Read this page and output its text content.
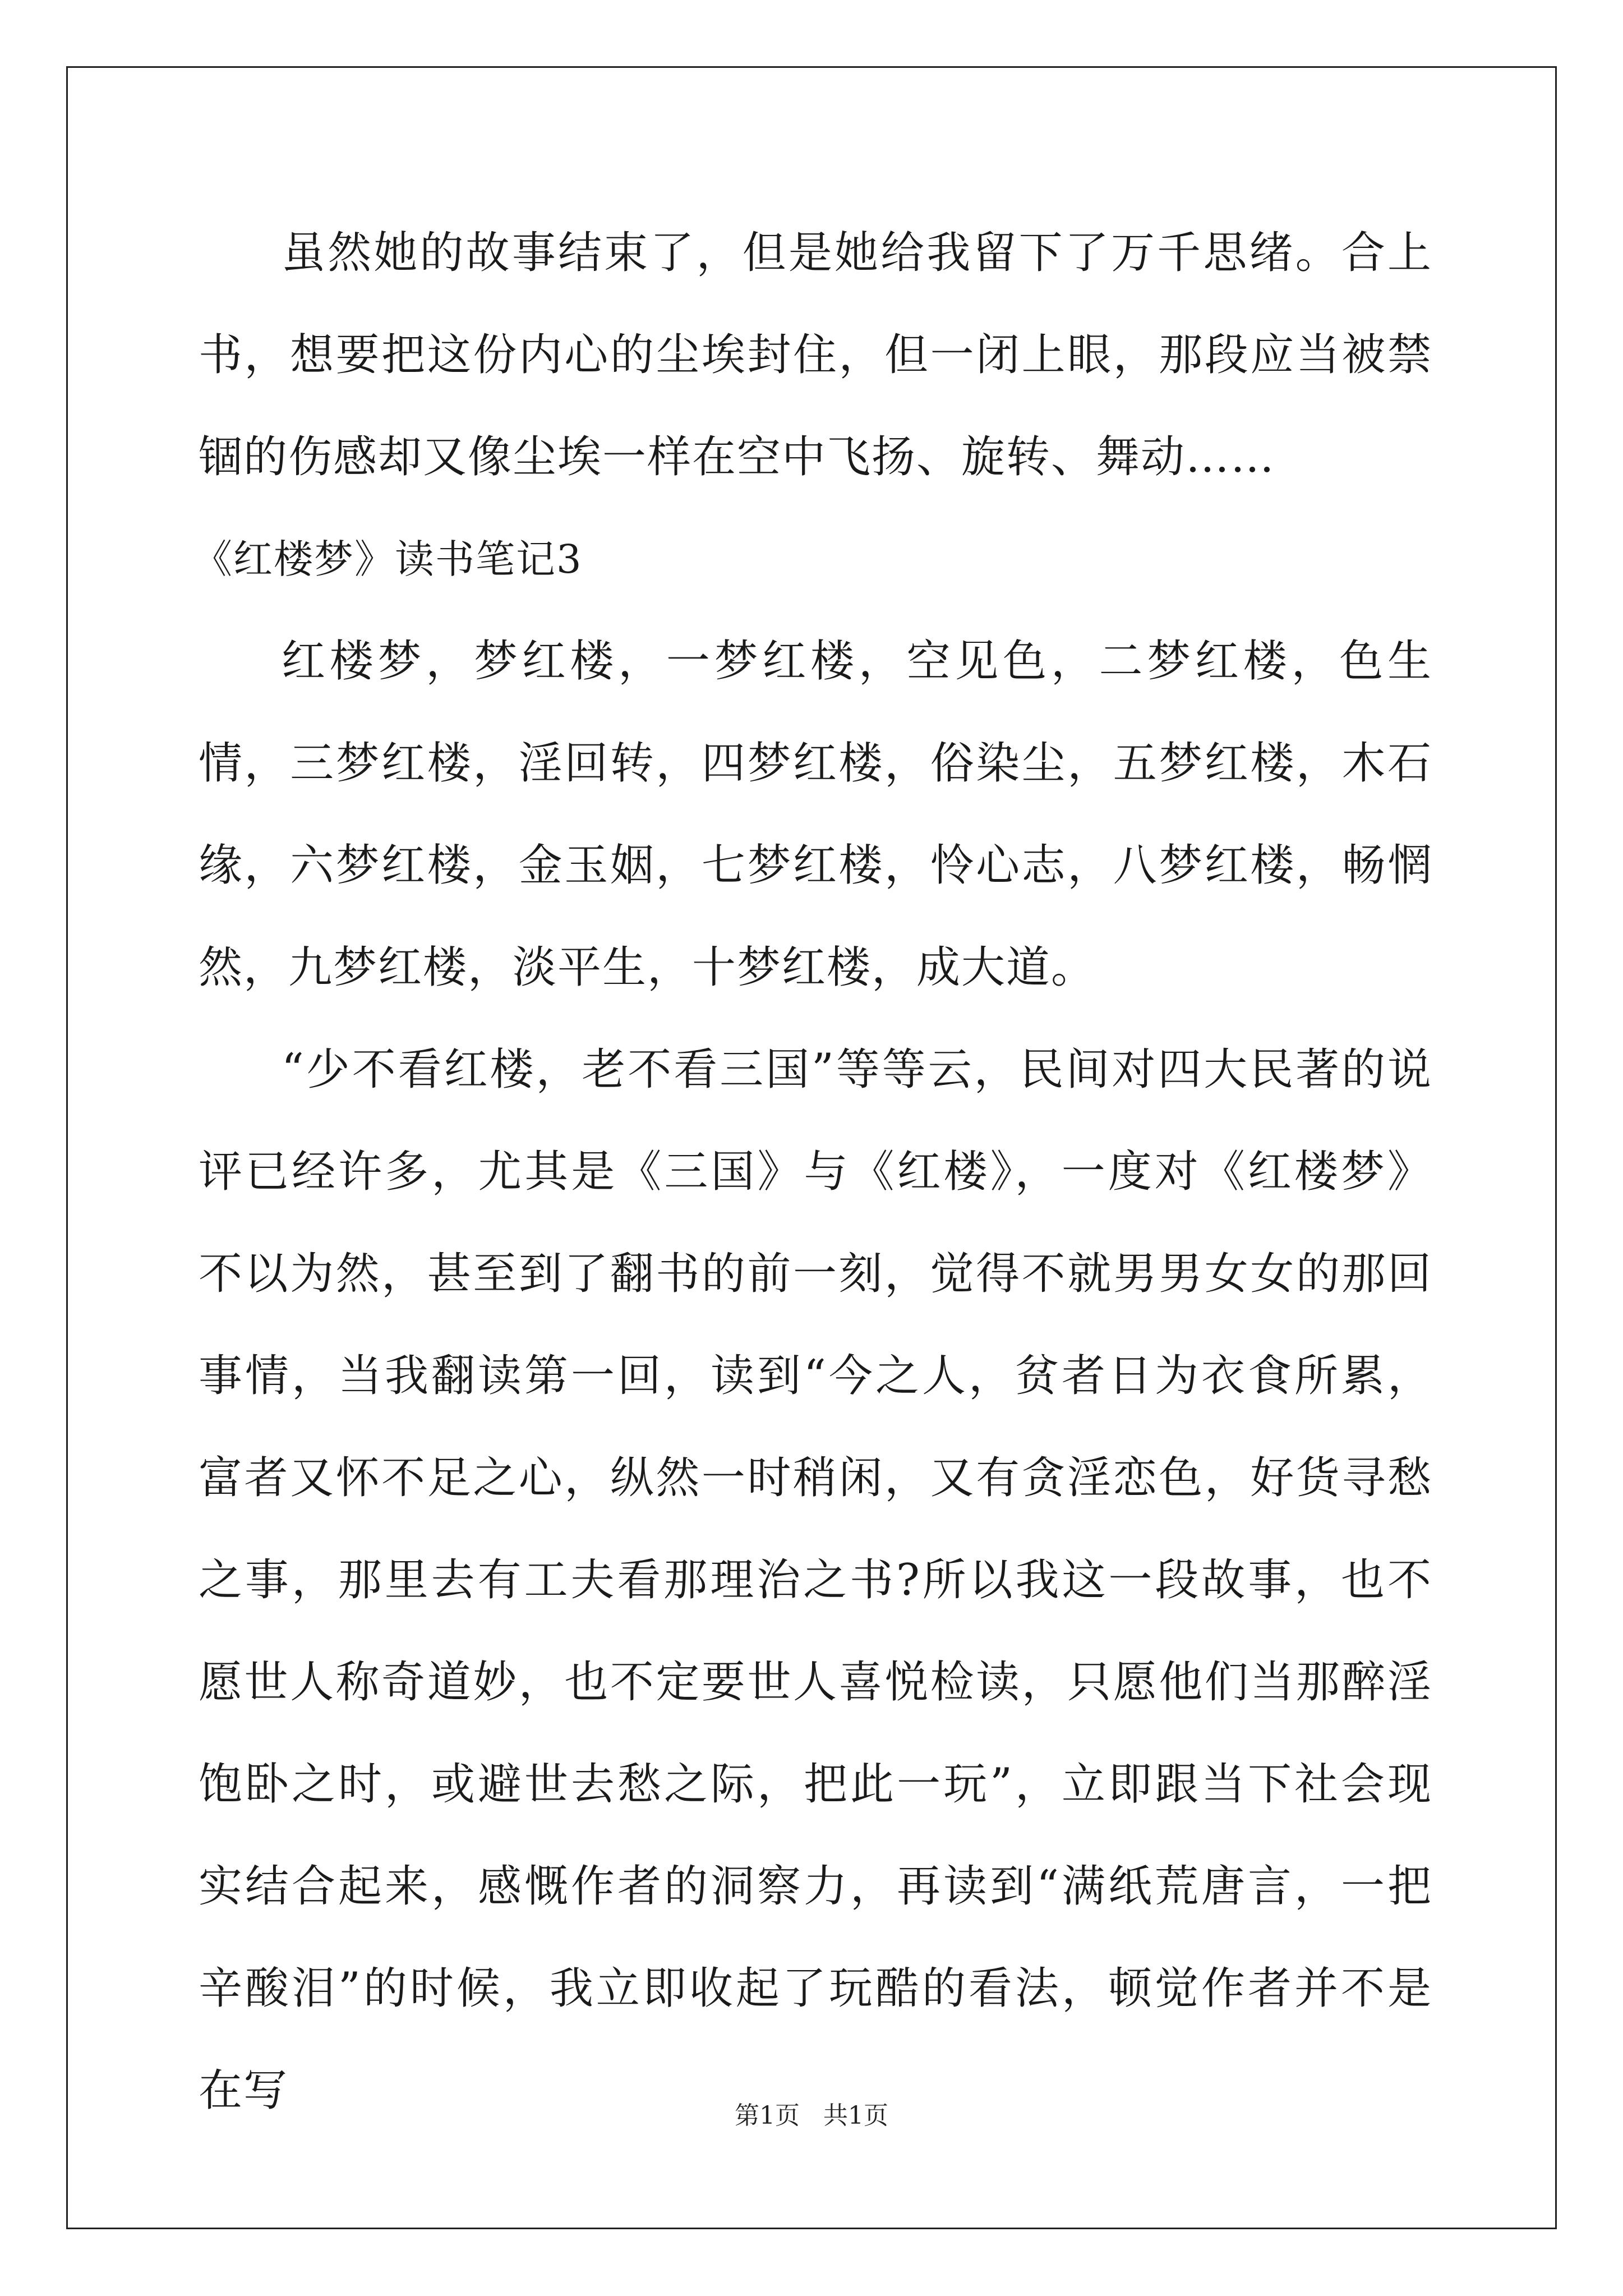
虽然她的故事结束了，但是她给我留下了万千思绪。合上书，想要把这份内心的尘埃封住，但一闭上眼，那段应当被禁锢的伤感却又像尘埃一样在空中飞扬、旋转、舞动……

《红楼梦》读书笔记3

红楼梦，梦红楼，一梦红楼，空见色，二梦红楼，色生情，三梦红楼，淫回转，四梦红楼，俗染尘，五梦红楼，木石缘，六梦红楼，金玉姻，七梦红楼，怜心志，八梦红楼，畅惘然，九梦红楼，淡平生，十梦红楼，成大道。

“少不看红楼，老不看三国”等等云，民间对四大民著的说评已经许多，尤其是《三国》与《红楼》，一度对《红楼梦》不以为然，甚至到了翻书的前一刻，觉得不就男男女女的那回事情，当我翻读第一回，读到“今之人，贫者日为衣食所累，富者又怀不足之心，纵然一时稍闲，又有贪淫恋色，好货寻愁之事，那里去有工夫看那理治之书?所以我这一段故事，也不愿世人称奇道妙，也不定要世人喜悦检读，只愿他们当那醉淫饱卧之时，或避世去愁之际，把此一玩”，立即跟当下社会现实结合起来，感慨作者的洞察力，再读到“满纸荒唐言，一把辛酸泪”的时候，我立即收起了玩酷的看法，顿觉作者并不是在写	第1页   共1页
